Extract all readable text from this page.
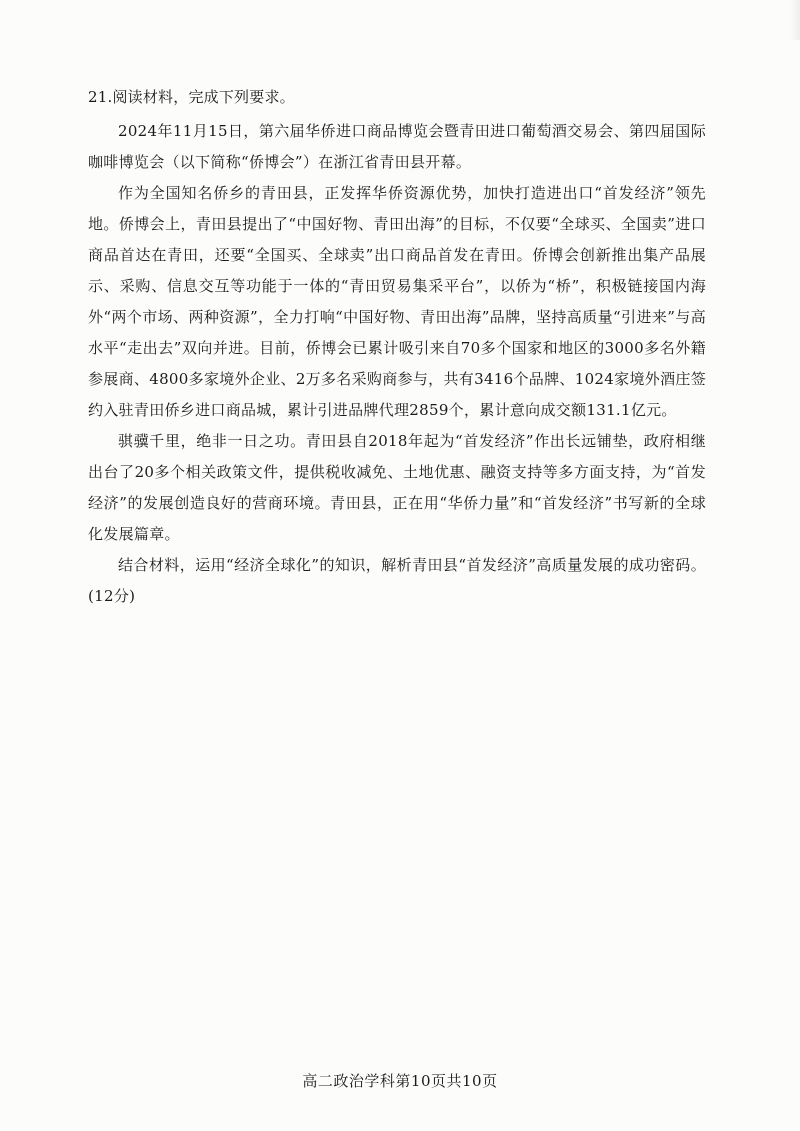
21.阅读材料，完成下列要求。

2024年11月15日，第六届华侨进口商品博览会暨青田进口葡萄酒交易会、第四届国际咖啡博览会（以下简称“侨博会”）在浙江省青田县开幕。

作为全国知名侨乡的青田县，正发挥华侨资源优势，加快打造进出口“首发经济”领先地。侨博会上，青田县提出了“中国好物、青田出海”的目标，不仅要“全球买、全国卖”进口商品首达在青田，还要“全国买、全球卖”出口商品首发在青田。侨博会创新推出集产品展示、采购、信息交互等功能于一体的“青田贸易集采平台”，以侨为“桥”，积极链接国内海外“两个市场、两种资源”，全力打响“中国好物、青田出海”品牌，坚持高质量“引进来”与高水平“走出去”双向并进。目前，侨博会已累计吸引来自70多个国家和地区的3000多名外籍参展商、4800多家境外企业、2万多名采购商参与，共有3416个品牌、1024家境外酒庄签约入驻青田侨乡进口商品城，累计引进品牌代理2859个，累计意向成交额131.1亿元。

骐骥千里，绝非一日之功。青田县自2018年起为“首发经济”作出长远铺垫，政府相继出台了20多个相关政策文件，提供税收减免、土地优惠、融资支持等多方面支持，为“首发经济”的发展创造良好的营商环境。青田县，正在用“华侨力量”和“首发经济”书写新的全球化发展篇章。

结合材料，运用“经济全球化”的知识，解析青田县“首发经济”高质量发展的成功密码。(12分)

高二政治学科第10页共10页
